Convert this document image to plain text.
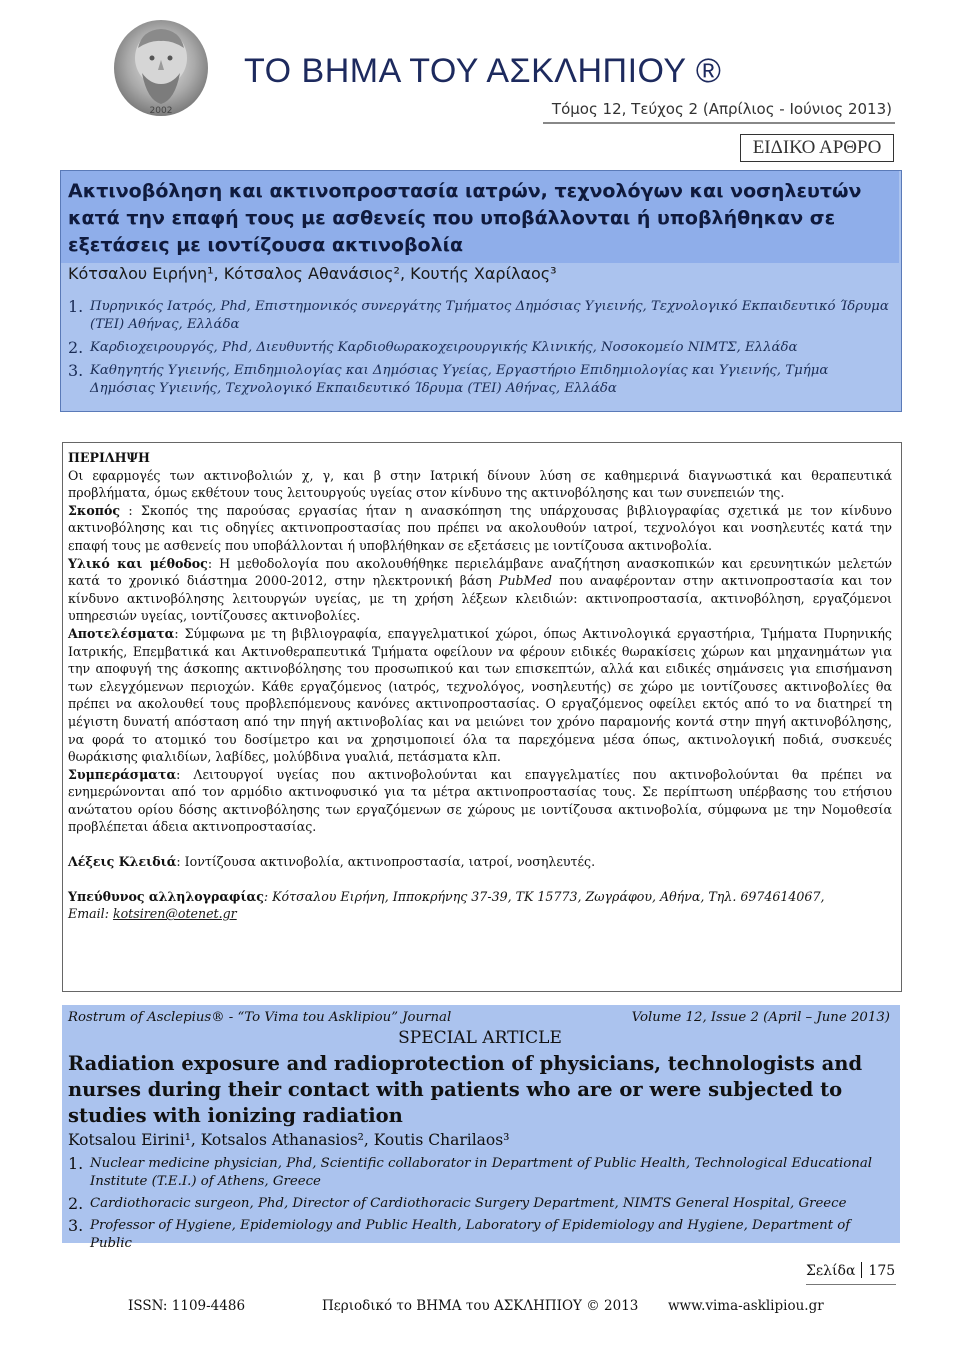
2002
ΤΟ ΒΗΜΑ ΤΟΥ ΑΣΚΛΗΠΙΟΥ ®
Τόμος 12, Τεύχος 2 (Απρίλιος - Ιούνιος 2013)
ΕΙΔΙΚΟ ΑΡΘΡΟ
Ακτινοβόληση και ακτινοπροστασία ιατρών, τεχνολόγων και νοσηλευτών κατά την επαφή τους με ασθενείς που υποβάλλονται ή υποβλήθηκαν σε εξετάσεις με ιοντίζουσα ακτινοβολία
Κότσαλου Ειρήνη¹, Κότσαλος Αθανάσιος², Κουτής Χαρίλαος³
1. Πυρηνικός Ιατρός, Phd, Επιστημονικός συνεργάτης Τμήματος Δημόσιας Υγιεινής, Τεχνολογικό Εκπαιδευτικό Ίδρυμα (ΤΕΙ) Αθήνας, Ελλάδα
2. Καρδιοχειρουργός, Phd, Διευθυντής Καρδιοθωρακοχειρουργικής Κλινικής, Νοσοκομείο ΝΙΜΤΣ, Ελλάδα
3. Καθηγητής Υγιεινής, Επιδημιολογίας και Δημόσιας Υγείας, Εργαστήριο Επιδημιολογίας και Υγιεινής, Τμήμα Δημόσιας Υγιεινής, Τεχνολογικό Εκπαιδευτικό Ίδρυμα (ΤΕΙ) Αθήνας, Ελλάδα

ΠΕΡΙΛΗΨΗ

Οι εφαρμογές των ακτινοβολιών χ, γ, και β στην Ιατρική δίνουν λύση σε καθημερινά διαγνωστικά και θεραπευτικά προβλήματα, όμως εκθέτουν τους λειτουργούς υγείας στον κίνδυνο της ακτινοβόλησης και των συνεπειών της.

Σκοπός : Σκοπός της παρούσας εργασίας ήταν η ανασκόπηση της υπάρχουσας βιβλιογραφίας σχετικά με τον κίνδυνο ακτινοβόλησης και τις οδηγίες ακτινοπροστασίας που πρέπει να ακολουθούν ιατροί, τεχνολόγοι και νοσηλευτές κατά την επαφή τους με ασθενείς που υποβάλλονται ή υποβλήθηκαν σε εξετάσεις με ιοντίζουσα ακτινοβολία.

Υλικό και μέθοδος: Η μεθοδολογία που ακολουθήθηκε περιελάμβανε αναζήτηση ανασκοπικών και ερευνητικών μελετών κατά το χρονικό διάστημα 2000-2012, στην ηλεκτρονική βάση PubMed που αναφέρονταν στην ακτινοπροστασία και τον κίνδυνο ακτινοβόλησης λειτουργών υγείας, με τη χρήση λέξεων κλειδιών: ακτινοπροστασία, ακτινοβόληση, εργαζόμενοι υπηρεσιών υγείας, ιοντίζουσες ακτινοβολίες.

Αποτελέσματα: Σύμφωνα με τη βιβλιογραφία, επαγγελματικοί χώροι, όπως Ακτινολογικά εργαστήρια, Τμήματα Πυρηνικής Ιατρικής, Επεμβατικά και Ακτινοθεραπευτικά Τμήματα οφείλουν να φέρουν ειδικές θωρακίσεις χώρων και μηχανημάτων για την αποφυγή της άσκοπης ακτινοβόλησης του προσωπικού και των επισκεπτών, αλλά και ειδικές σημάνσεις για επισήμανση των ελεγχόμενων περιοχών. Κάθε εργαζόμενος (ιατρός, τεχνολόγος, νοσηλευτής) σε χώρο με ιοντίζουσες ακτινοβολίες θα πρέπει να ακολουθεί τους προβλεπόμενους κανόνες ακτινοπροστασίας. Ο εργαζόμενος οφείλει εκτός από το να διατηρεί τη μέγιστη δυνατή απόσταση από την πηγή ακτινοβολίας και να μειώνει τον χρόνο παραμονής κοντά στην πηγή ακτινοβόλησης, να φορά το ατομικό του δοσίμετρο και να χρησιμοποιεί όλα τα παρεχόμενα μέσα όπως, ακτινολογική ποδιά, συσκευές θωράκισης φιαλιδίων, λαβίδες, μολύβδινα γυαλιά, πετάσματα κλπ.

Συμπεράσματα: Λειτουργοί υγείας που ακτινοβολούνται και επαγγελματίες που ακτινοβολούνται θα πρέπει να ενημερώνονται από τον αρμόδιο ακτινοφυσικό για τα μέτρα ακτινοπροστασίας τους. Σε περίπτωση υπέρβασης του ετήσιου ανώτατου ορίου δόσης ακτινοβόλησης των εργαζόμενων σε χώρους με ιοντίζουσα ακτινοβολία, σύμφωνα με την Νομοθεσία προβλέπεται άδεια ακτινοπροστασίας.

Λέξεις Κλειδιά: Ιοντίζουσα ακτινοβολία, ακτινοπροστασία, ιατροί, νοσηλευτές.

Υπεύθυνος αλληλογραφίας: Κότσαλου Ειρήνη, Ιπποκρήνης 37-39, ΤΚ 15773, Ζωγράφου, Αθήνα, Τηλ. 6974614067,
Email: kotsiren@otenet.gr

Rostrum of Asclepius® - “To Vima tou Asklipiou” Journal	Volume 12, Issue 2 (April – June 2013)
SPECIAL ARTICLE
Radiation exposure and radioprotection of physicians, technologists and nurses during their contact with patients who are or were subjected to studies with ionizing radiation
Kotsalou Eirini¹, Kotsalos Athanasios², Koutis Charilaos³
1. Nuclear medicine physician, Phd, Scientific collaborator in Department of Public Health, Technological Educational Institute (T.E.I.) of Athens, Greece
2. Cardiothoracic surgeon, Phd, Director of Cardiothoracic Surgery Department, NIMTS General Hospital, Greece
3. Professor of Hygiene, Epidemiology and Public Health, Laboratory of Epidemiology and Hygiene, Department of Public
Σελίδα 175
ISSN: 1109-4486	Περιοδικό το ΒΗΜΑ του ΑΣΚΛΗΠΙΟΥ © 2013 www.vima-asklipiou.gr
